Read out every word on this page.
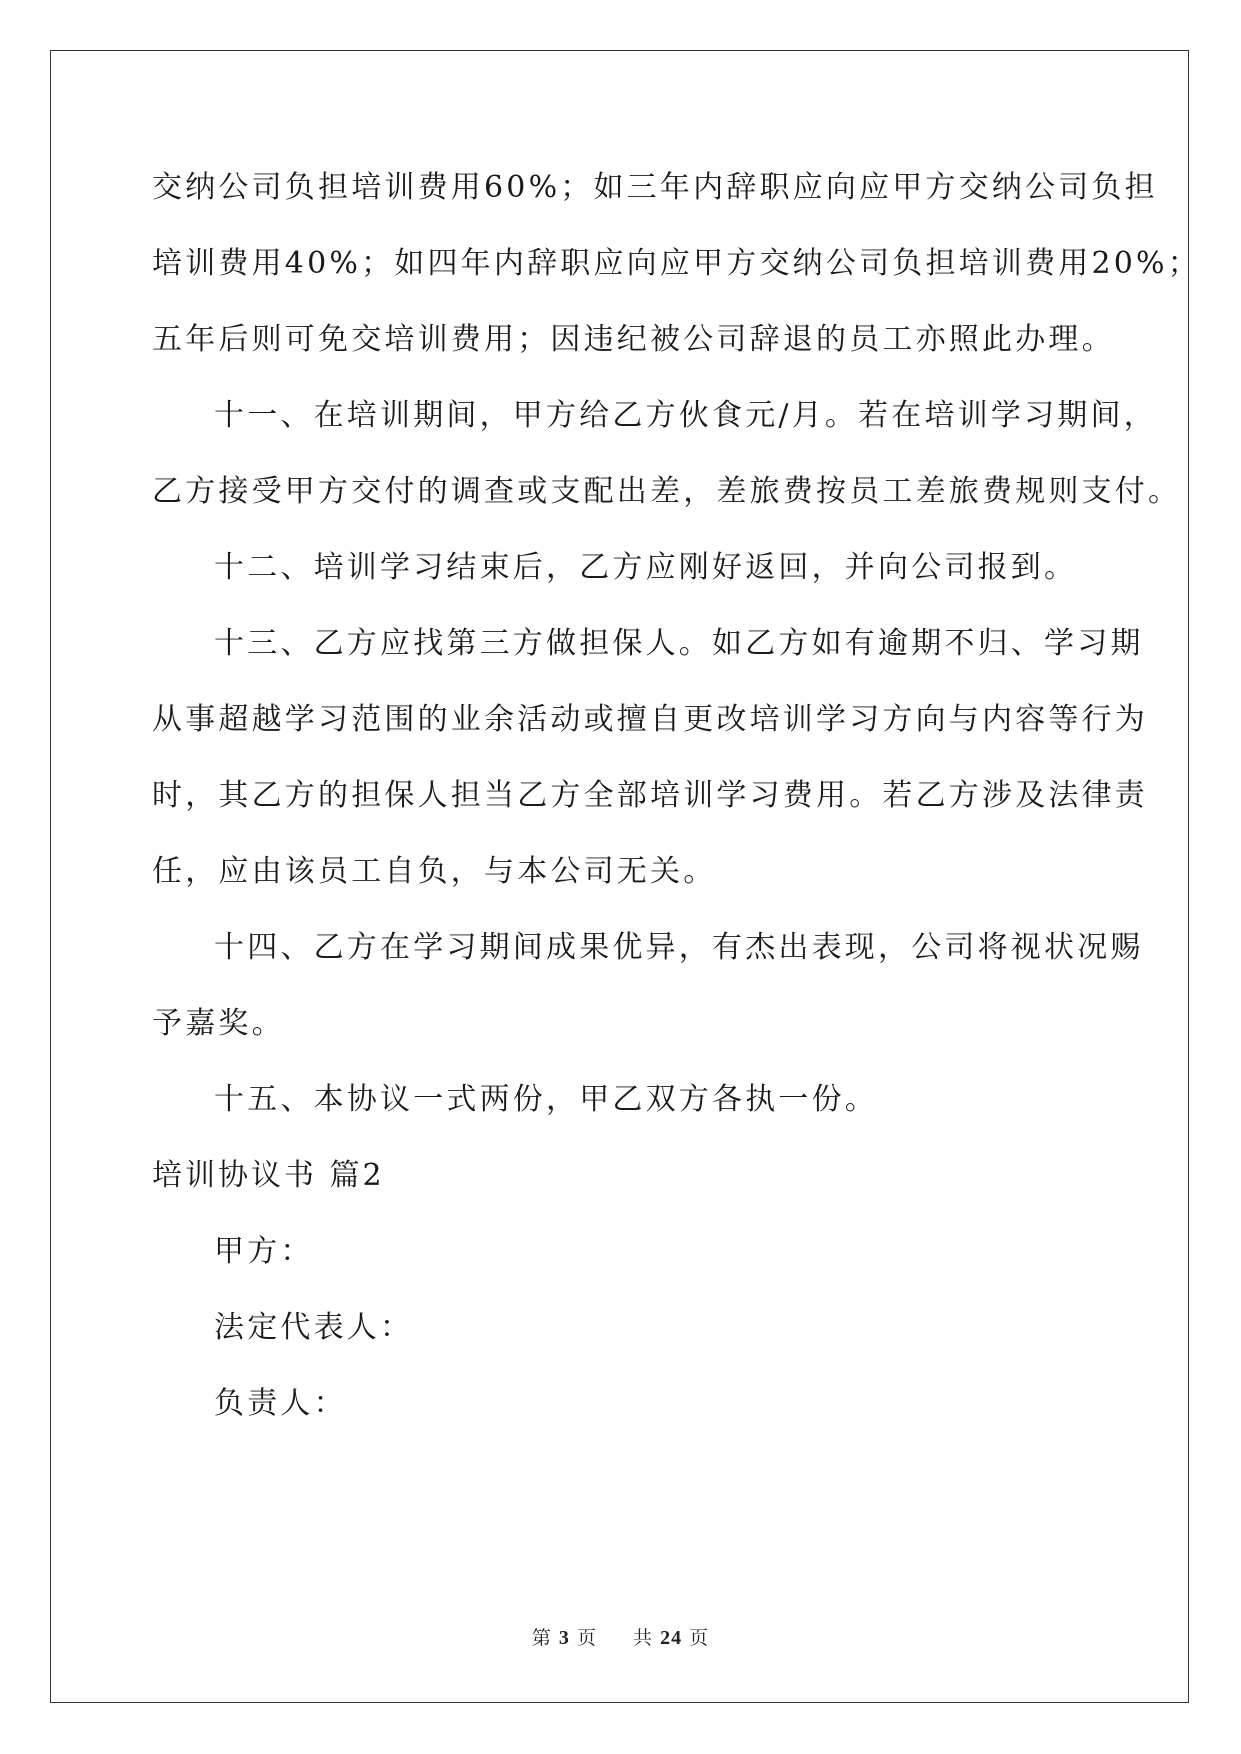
交纳公司负担培训费用60%；如三年内辞职应向应甲方交纳公司负担
培训费用40%；如四年内辞职应向应甲方交纳公司负担培训费用20%；
五年后则可免交培训费用；因违纪被公司辞退的员工亦照此办理。
十一、在培训期间，甲方给乙方伙食元/月。若在培训学习期间，
乙方接受甲方交付的调查或支配出差，差旅费按员工差旅费规则支付。
十二、培训学习结束后，乙方应刚好返回，并向公司报到。
十三、乙方应找第三方做担保人。如乙方如有逾期不归、学习期
从事超越学习范围的业余活动或擅自更改培训学习方向与内容等行为
时，其乙方的担保人担当乙方全部培训学习费用。若乙方涉及法律责
任，应由该员工自负，与本公司无关。
十四、乙方在学习期间成果优异，有杰出表现，公司将视状况赐
予嘉奖。
十五、本协议一式两份，甲乙双方各执一份。
培训协议书 篇2
甲方：
法定代表人：
负责人：
第 3 页 共 24 页
